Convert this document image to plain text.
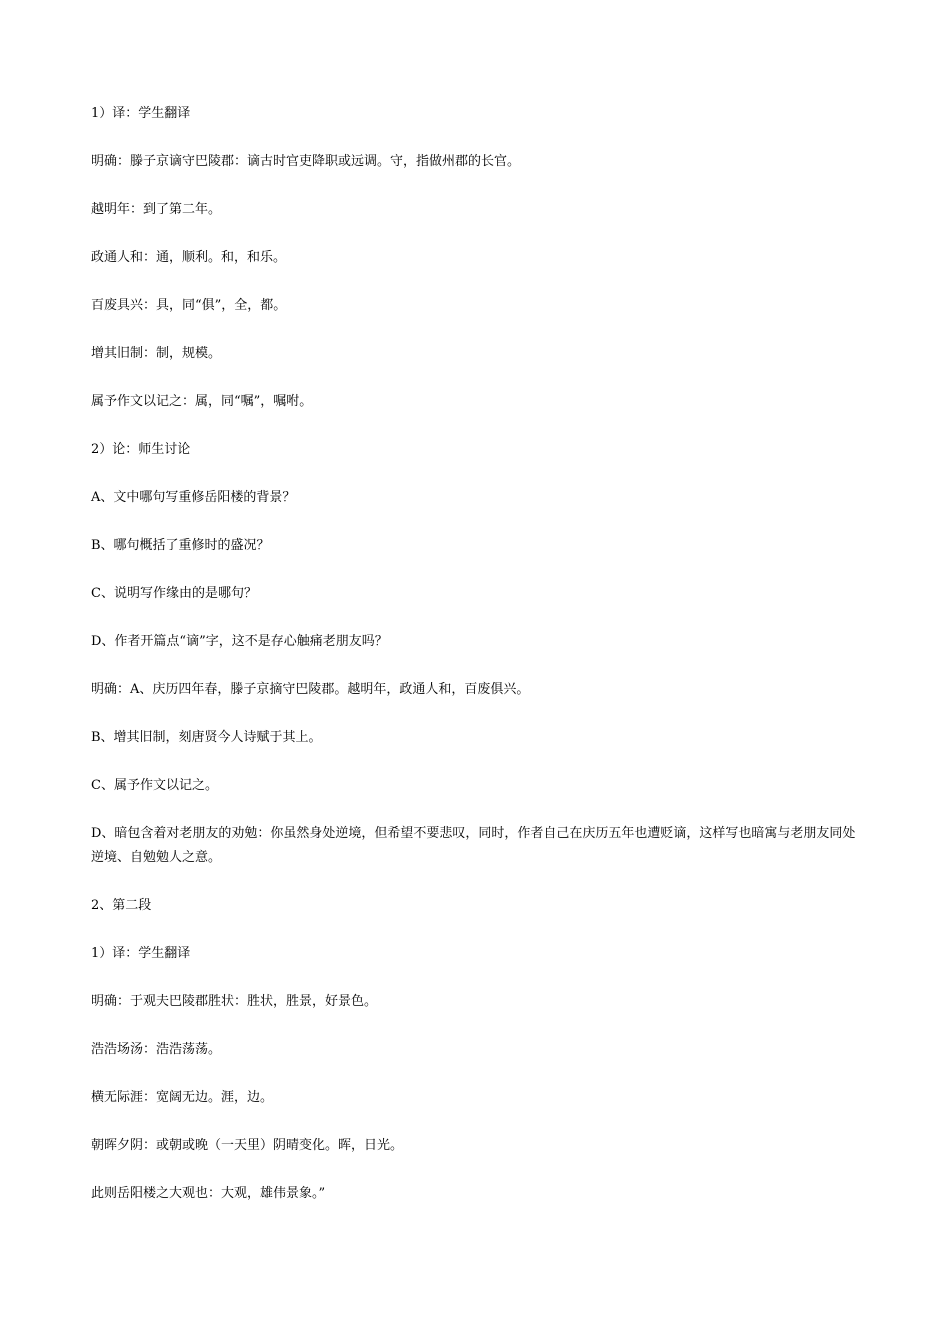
1）译：学生翻译

明确：滕子京谪守巴陵郡：谪古时官吏降职或远调。守，指做州郡的长官。

越明年：到了第二年。

政通人和：通，顺利。和，和乐。

百废具兴：具，同“俱”，全，都。

增其旧制：制，规模。

属予作文以记之：属，同“嘱”，嘱咐。

2）论：师生讨论

A、文中哪句写重修岳阳楼的背景？

B、哪句概括了重修时的盛况？

C、说明写作缘由的是哪句？

D、作者开篇点“谪”字，这不是存心触痛老朋友吗？

明确：A、庆历四年春，滕子京摘守巴陵郡。越明年，政通人和，百废俱兴。

B、增其旧制，刻唐贤今人诗赋于其上。

C、属予作文以记之。

D、暗包含着对老朋友的劝勉：你虽然身处逆境，但希望不要悲叹，同时，作者自己在庆历五年也遭贬谪，这样写也暗寓与老朋友同处逆境、自勉勉人之意。

2、第二段

1）译：学生翻译

明确：于观夫巴陵郡胜状：胜状，胜景，好景色。

浩浩场汤：浩浩荡荡。

横无际涯：宽阔无边。涯，边。

朝晖夕阴：或朝或晚（一天里）阴晴变化。晖，日光。

此则岳阳楼之大观也：大观，雄伟景象。”
